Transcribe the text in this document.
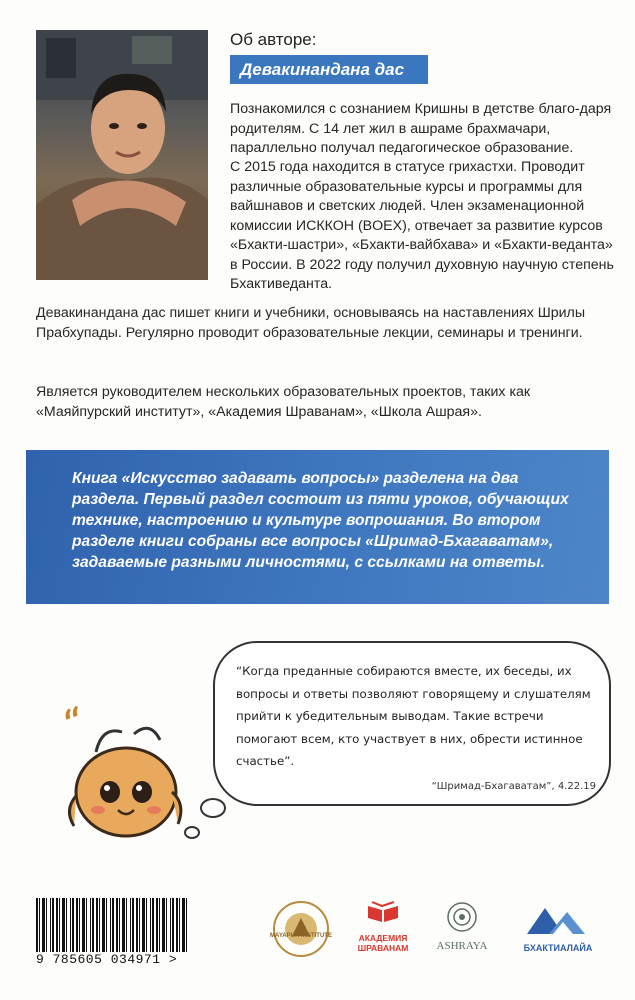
Об авторе:
Девакинандана дас
Познакомился с сознанием Кришны в детстве благо-даря родителям. С 14 лет жил в ашраме брахмачари, параллельно получал педагогическое образование.
С 2015 года находится в статусе грихастхи. Проводит различные образовательные курсы и программы для вайшнавов и светских людей. Член экзаменационной комиссии ИСККОН (BOEX), отвечает за развитие курсов «Бхакти-шастри», «Бхакти-вайбхава» и «Бхакти-веданта» в России. В 2022 году получил духовную научную степень Бхактиведанта.
Девакинандана дас пишет книги и учебники, основываясь на наставлениях Шрилы Прабхупады. Регулярно проводит образовательные лекции, семинары и тренинги.
Является руководителем нескольких образовательных проектов, таких как «Маяйпурский институт», «Академия Шраванам», «Школа Ашрая».
Книга «Искусство задавать вопросы» разделена на два раздела. Первый раздел состоит из пяти уроков, обучающих технике, настроению и культуре вопрошания. Во втором разделе книги собраны все вопросы «Шримад-Бхагаватам», задаваемые разными личностями, с ссылками на ответы.
“Когда преданные собираются вместе, их беседы, их вопросы и ответы позволяют говорящему и слушателям прийти к убедительным выводам. Такие встречи помогают всем, кто участвует в них, обрести истинное счастье”.
“Шримад-Бхагаватам”, 4.22.19
“
9 785605 034971 >
MAYAPUR INSTITUTE	АКАДЕМИЯ
ШРАВАНАМ	ASHRAYA	БХАКТИАЛАЙА
